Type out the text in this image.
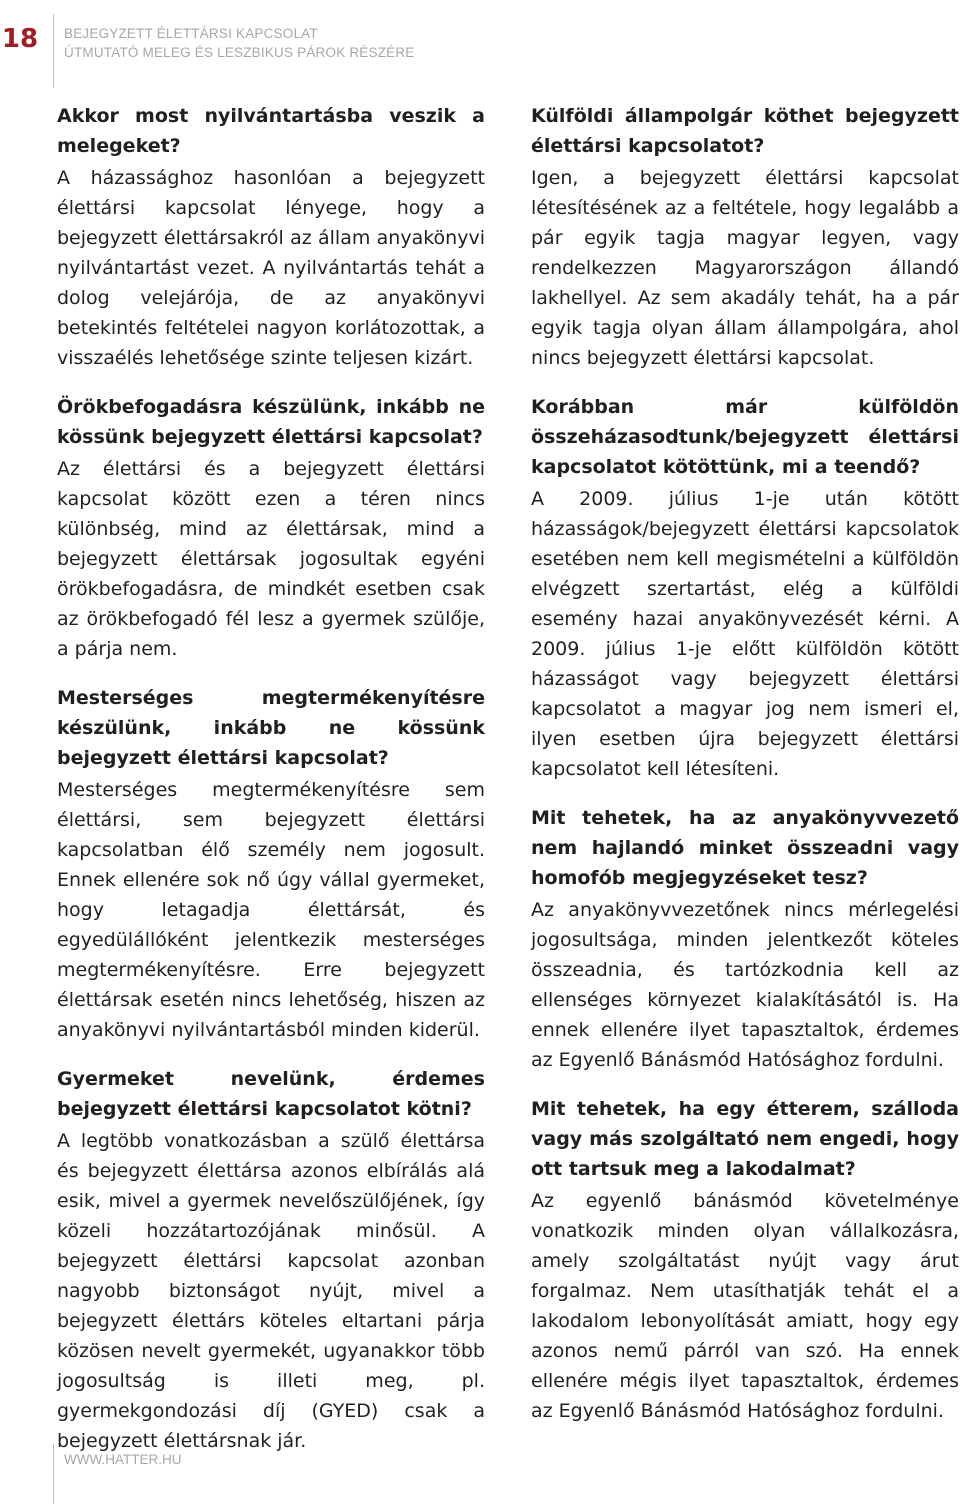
18 BEJEGYZETT ÉLETTÁRSI KAPCSOLAT
ÚTMUTATÓ MELEG ÉS LESZBIKUS PÁROK RÉSZÉRE
Akkor most nyilvántartásba veszik a melegeket?

A házassághoz hasonlóan a bejegyzett élettársi kapcsolat lényege, hogy a bejegyzett élettársakról az állam anyakönyvi nyilvántartást vezet. A nyilvántartás tehát a dolog velejárója, de az anyakönyvi betekintés feltételei nagyon korlátozottak, a visszaélés lehetősége szinte teljesen kizárt.

Örökbefogadásra készülünk, inkább ne kössünk bejegyzett élettársi kapcsolat?

Az élettársi és a bejegyzett élettársi kapcsolat között ezen a téren nincs különbség, mind az élettársak, mind a bejegyzett élettársak jogosultak egyéni örökbefogadásra, de mindkét esetben csak az örökbefogadó fél lesz a gyermek szülője, a párja nem.

Mesterséges megtermékenyítésre készülünk, inkább ne kössünk bejegyzett élettársi kapcsolat?

Mesterséges megtermékenyítésre sem élettársi, sem bejegyzett élettársi kapcsolatban élő személy nem jogosult. Ennek ellenére sok nő úgy vállal gyermeket, hogy letagadja élettársát, és egyedülállóként jelentkezik mesterséges megtermékenyítésre. Erre bejegyzett élettársak esetén nincs lehetőség, hiszen az anyakönyvi nyilvántartásból minden kiderül.

Gyermeket nevelünk, érdemes bejegyzett élettársi kapcsolatot kötni?

A legtöbb vonatkozásban a szülő élettársa és bejegyzett élettársa azonos elbírálás alá esik, mivel a gyermek nevelőszülőjének, így közeli hozzátartozójának minősül. A bejegyzett élettársi kapcsolat azonban nagyobb biztonságot nyújt, mivel a bejegyzett élettárs köteles eltartani párja közösen nevelt gyermekét, ugyanakkor több jogosultság is illeti meg, pl. gyermekgondozási díj (GYED) csak a bejegyzett élettársnak jár.

Külföldi állampolgár köthet bejegyzett élettársi kapcsolatot?

Igen, a bejegyzett élettársi kapcsolat létesítésének az a feltétele, hogy legalább a pár egyik tagja magyar legyen, vagy rendelkezzen Magyarországon állandó lakhellyel. Az sem akadály tehát, ha a pár egyik tagja olyan állam állampolgára, ahol nincs bejegyzett élettársi kapcsolat.

Korábban már külföldön összeházasodtunk/bejegyzett élettársi kapcsolatot kötöttünk, mi a teendő?

A 2009. július 1-je után kötött házasságok/bejegyzett élettársi kapcsolatok esetében nem kell megismételni a külföldön elvégzett szertartást, elég a külföldi esemény hazai anyakönyvezését kérni. A 2009. július 1-je előtt külföldön kötött házasságot vagy bejegyzett élettársi kapcsolatot a magyar jog nem ismeri el, ilyen esetben újra bejegyzett élettársi kapcsolatot kell létesíteni.

Mit tehetek, ha az anyakönyvvezető nem hajlandó minket összeadni vagy homofób megjegyzéseket tesz?

Az anyakönyvvezetőnek nincs mérlegelési jogosultsága, minden jelentkezőt köteles összeadnia, és tartózkodnia kell az ellenséges környezet kialakításától is. Ha ennek ellenére ilyet tapasztaltok, érdemes az Egyenlő Bánásmód Hatósághoz fordulni.

Mit tehetek, ha egy étterem, szálloda vagy más szolgáltató nem engedi, hogy ott tartsuk meg a lakodalmat?

Az egyenlő bánásmód követelménye vonatkozik minden olyan vállalkozásra, amely szolgáltatást nyújt vagy árut forgalmaz. Nem utasíthatják tehát el a lakodalom lebonyolítását amiatt, hogy egy azonos nemű párról van szó. Ha ennek ellenére mégis ilyet tapasztaltok, érdemes az Egyenlő Bánásmód Hatósághoz fordulni.

WWW.HATTER.HU
